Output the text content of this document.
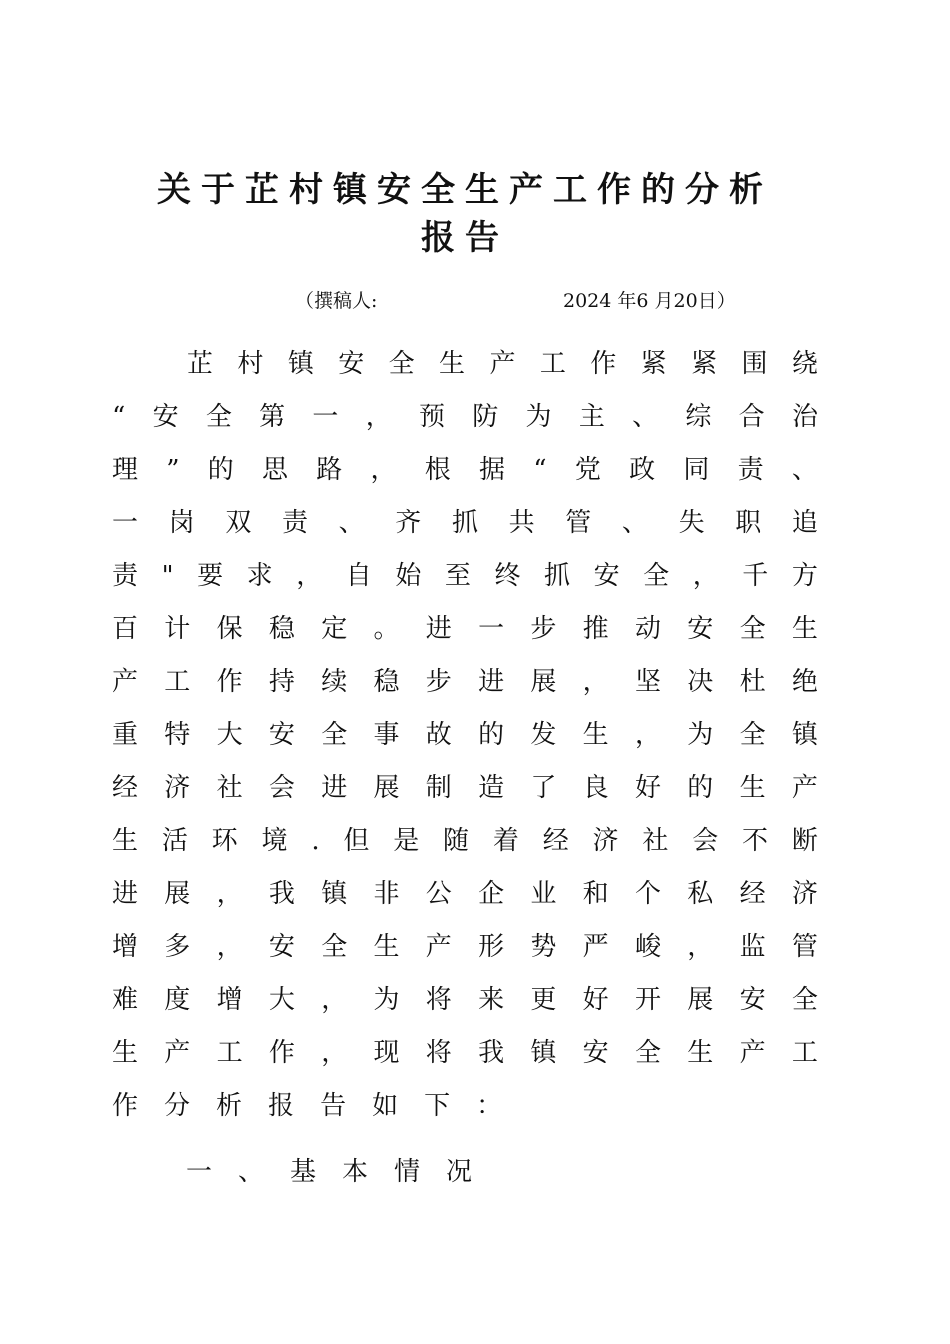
关于芷村镇安全生产工作的分析
报告
（撰稿人:	2024 年6 月20日）
芷 村 镇 安 全 生 产 工 作 紧 紧 围 绕
“ 安 全 第 一 ， 预 防 为 主 、 综 合 治
理 ” 的 思 路 ， 根 据 “ 党 政 同 责 、
一 岗 双 责 、 齐 抓 共 管 、 失 职 追
责 " 要 求 ， 自 始 至 终 抓 安 全 ， 千 方
百 计 保 稳 定 。 进 一 步 推 动 安 全 生
产 工 作 持 续 稳 步 进 展 ， 坚 决 杜 绝
重 特 大 安 全 事 故 的 发 生 ， 为 全 镇
经 济 社 会 进 展 制 造 了 良 好 的 生 产
生 活 环 境 . 但 是 随 着 经 济 社 会 不 断
进 展 ， 我 镇 非 公 企 业 和 个 私 经 济
增 多 ， 安 全 生 产 形 势 严 峻 ， 监 管
难 度 增 大 ， 为 将 来 更 好 开 展 安 全
生 产 工 作 ， 现 将 我 镇 安 全 生 产 工
作 分 析 报 告 如 下 ：
一、基本情况
